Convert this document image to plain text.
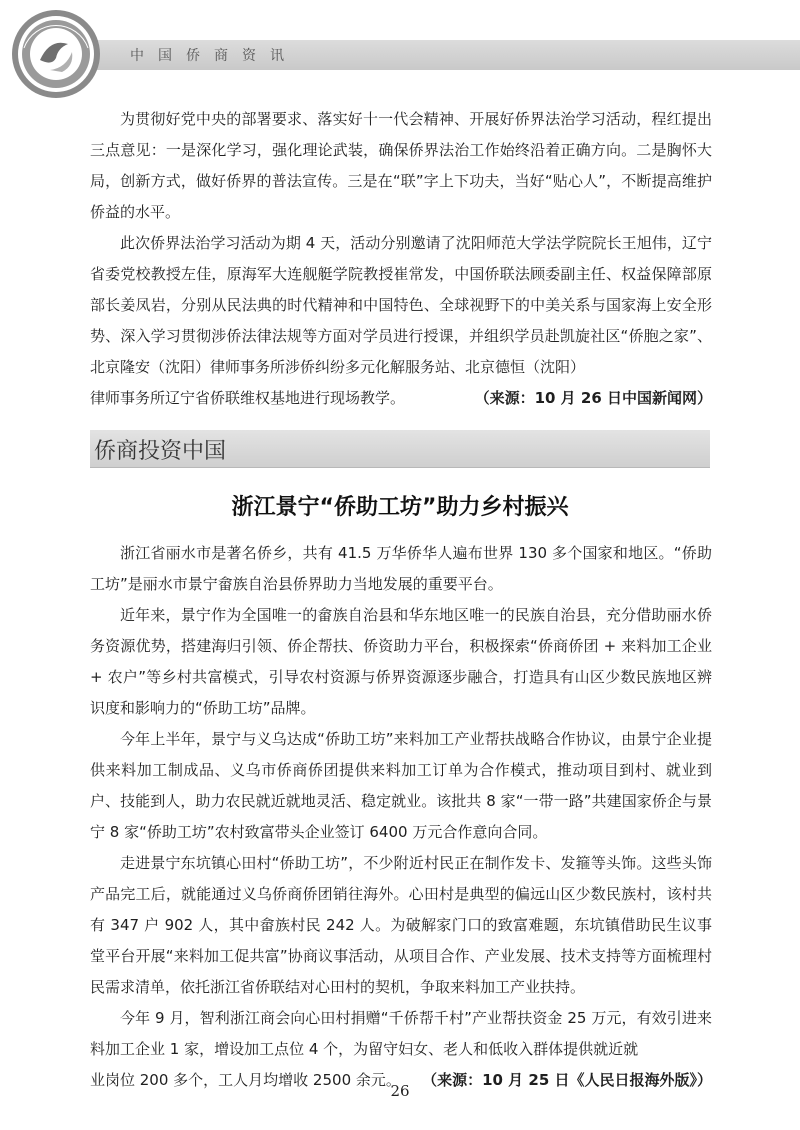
中国侨商资讯

为贯彻好党中央的部署要求、落实好十一代会精神、开展好侨界法治学习活动，程红提出三点意见：一是深化学习，强化理论武装，确保侨界法治工作始终沿着正确方向。二是胸怀大局，创新方式，做好侨界的普法宣传。三是在“联”字上下功夫，当好“贴心人”，不断提高维护侨益的水平。

此次侨界法治学习活动为期 4 天，活动分别邀请了沈阳师范大学法学院院长王旭伟，辽宁省委党校教授左佳，原海军大连舰艇学院教授崔常发，中国侨联法顾委副主任、权益保障部原部长姜凤岩，分别从民法典的时代精神和中国特色、全球视野下的中美关系与国家海上安全形势、深入学习贯彻涉侨法律法规等方面对学员进行授课，并组织学员赴凯旋社区“侨胞之家”、北京隆安（沈阳）律师事务所涉侨纠纷多元化解服务站、北京德恒（沈阳）

律师事务所辽宁省侨联维权基地进行现场教学。	（来源：10 月 26 日中国新闻网）
侨商投资中国
浙江景宁“侨助工坊”助力乡村振兴

浙江省丽水市是著名侨乡，共有 41.5 万华侨华人遍布世界 130 多个国家和地区。“侨助工坊”是丽水市景宁畲族自治县侨界助力当地发展的重要平台。

近年来，景宁作为全国唯一的畲族自治县和华东地区唯一的民族自治县，充分借助丽水侨务资源优势，搭建海归引领、侨企帮扶、侨资助力平台，积极探索“侨商侨团 + 来料加工企业 + 农户”等乡村共富模式，引导农村资源与侨界资源逐步融合，打造具有山区少数民族地区辨识度和影响力的“侨助工坊”品牌。

今年上半年，景宁与义乌达成“侨助工坊”来料加工产业帮扶战略合作协议，由景宁企业提供来料加工制成品、义乌市侨商侨团提供来料加工订单为合作模式，推动项目到村、就业到户、技能到人，助力农民就近就地灵活、稳定就业。该批共 8 家“一带一路”共建国家侨企与景宁 8 家“侨助工坊”农村致富带头企业签订 6400 万元合作意向合同。

走进景宁东坑镇心田村“侨助工坊”，不少附近村民正在制作发卡、发箍等头饰。这些头饰产品完工后，就能通过义乌侨商侨团销往海外。心田村是典型的偏远山区少数民族村，该村共有 347 户 902 人，其中畲族村民 242 人。为破解家门口的致富难题，东坑镇借助民生议事堂平台开展“来料加工促共富”协商议事活动，从项目合作、产业发展、技术支持等方面梳理村民需求清单，依托浙江省侨联结对心田村的契机，争取来料加工产业扶持。

今年 9 月，智利浙江商会向心田村捐赠“千侨帮千村”产业帮扶资金 25 万元，有效引进来料加工企业 1 家，增设加工点位 4 个，为留守妇女、老人和低收入群体提供就近就

业岗位 200 多个，工人月均增收 2500 余元。 （来源：10 月 25 日《人民日报海外版》）
26
